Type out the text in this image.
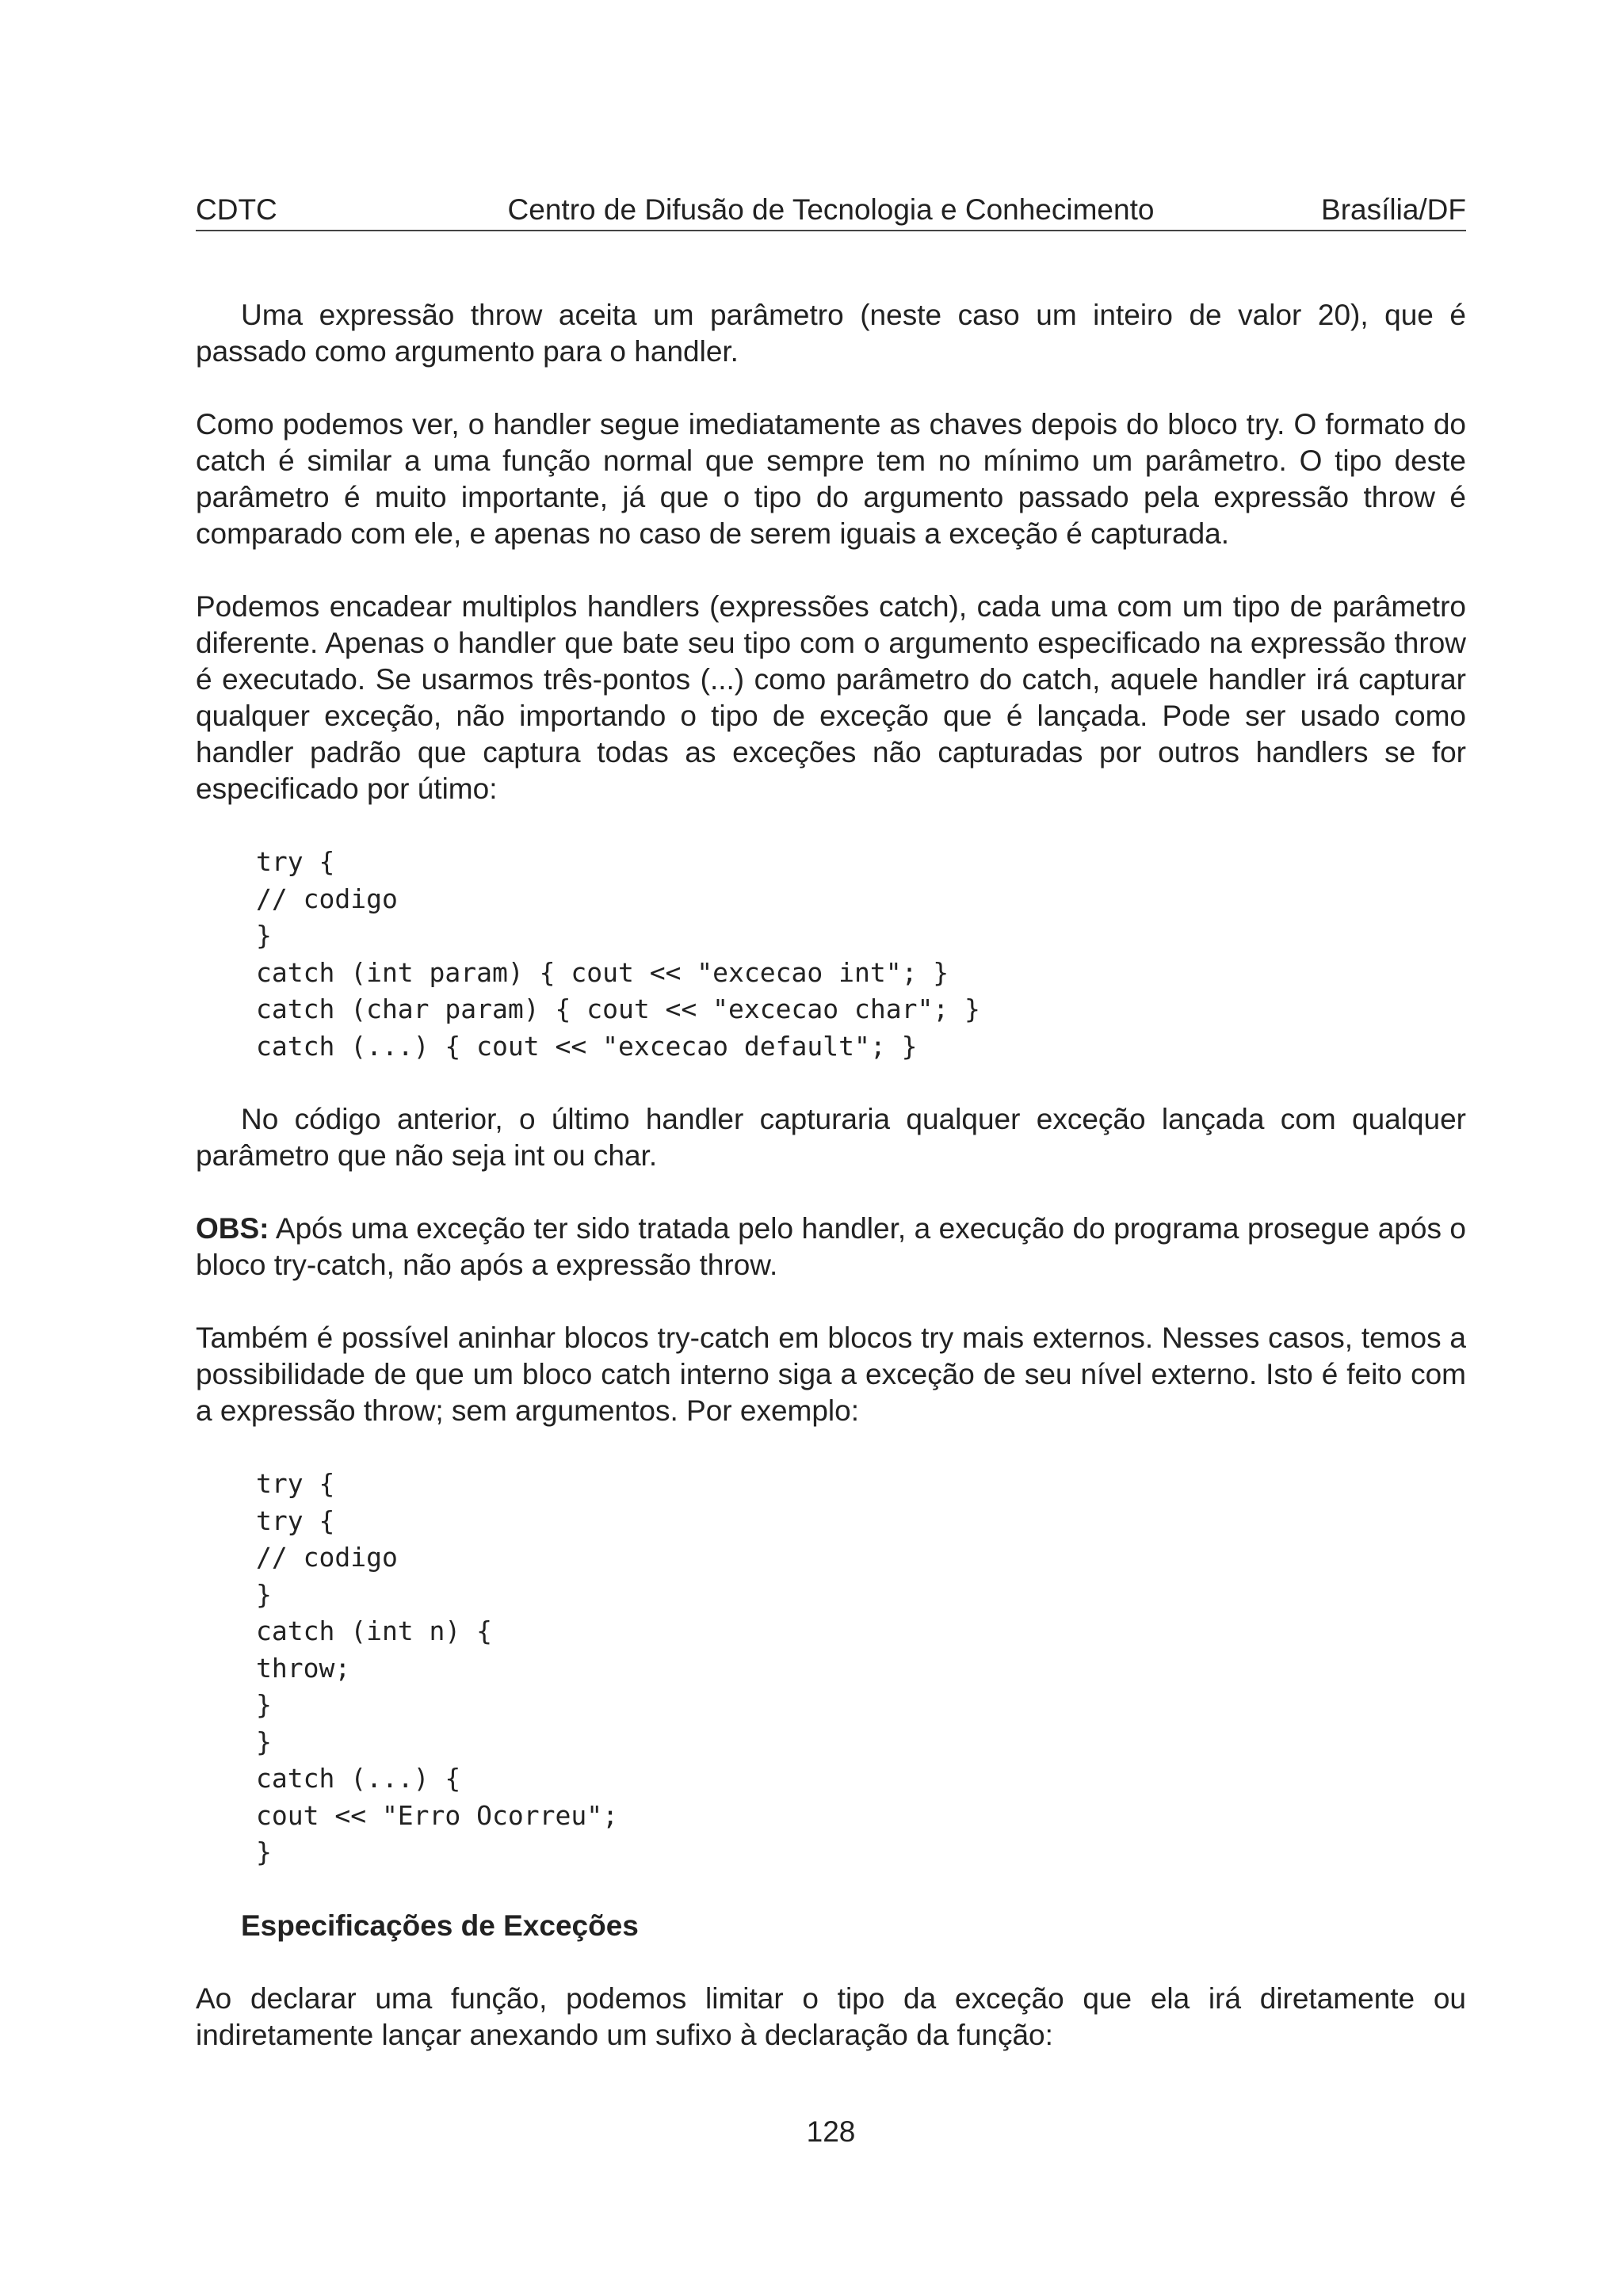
CDTC	Centro de Difusão de Tecnologia e Conhecimento	Brasília/DF

Uma expressão throw aceita um parâmetro (neste caso um inteiro de valor 20), que é passado como argumento para o handler.

Como podemos ver, o handler segue imediatamente as chaves depois do bloco try. O formato do catch é similar a uma função normal que sempre tem no mínimo um parâmetro. O tipo deste parâmetro é muito importante, já que o tipo do argumento passado pela expressão throw é comparado com ele, e apenas no caso de serem iguais a exceção é capturada.

Podemos encadear multiplos handlers (expressões catch), cada uma com um tipo de parâmetro diferente. Apenas o handler que bate seu tipo com o argumento especificado na expressão throw é executado. Se usarmos três-pontos (...) como parâmetro do catch, aquele handler irá capturar qualquer exceção, não importando o tipo de exceção que é lançada. Pode ser usado como handler padrão que captura todas as exceções não capturadas por outros handlers se for especificado por útimo:

try {
// codigo
}
catch (int param) { cout << "excecao int"; }
catch (char param) { cout << "excecao char"; }
catch (...) { cout << "excecao default"; }

No código anterior, o último handler capturaria qualquer exceção lançada com qualquer parâmetro que não seja int ou char.

OBS: Após uma exceção ter sido tratada pelo handler, a execução do programa prosegue após o bloco try-catch, não após a expressão throw.

Também é possível aninhar blocos try-catch em blocos try mais externos. Nesses casos, temos a possibilidade de que um bloco catch interno siga a exceção de seu nível externo. Isto é feito com a expressão throw; sem argumentos. Por exemplo:

try {
try {
// codigo
}
catch (int n) {
throw;
}
}
catch (...) {
cout << "Erro Ocorreu";
}
Especificações de Exceções

Ao declarar uma função, podemos limitar o tipo da exceção que ela irá diretamente ou indiretamente lançar anexando um sufixo à declaração da função:

128
